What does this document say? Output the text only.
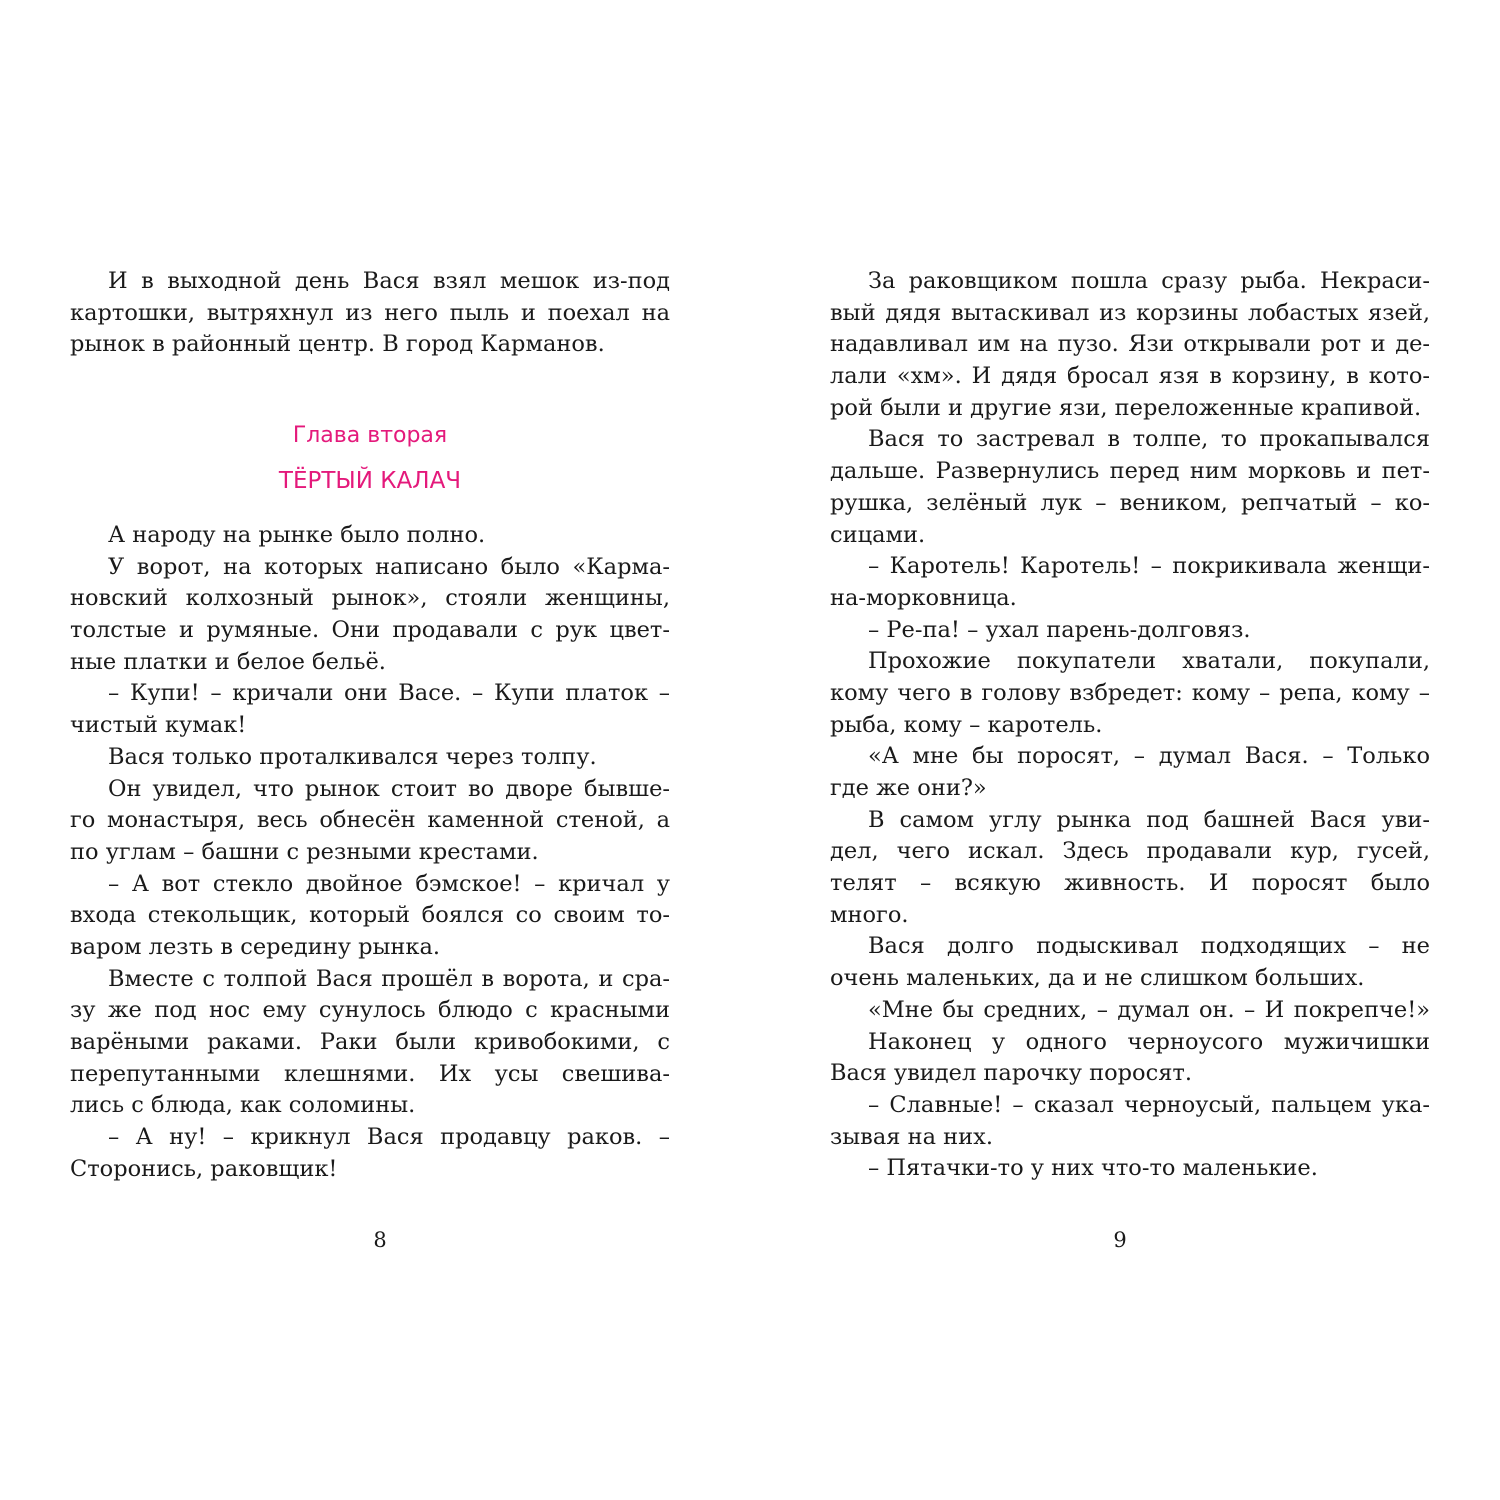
И в выходной день Вася взял мешок из-под
картошки, вытряхнул из него пыль и поехал на
рынок в районный центр. В город Карманов.
Глава вторая
ТЁРТЫЙ КАЛАЧ
А народу на рынке было полно.
У ворот, на которых написано было «Карма-
новский колхозный рынок», стояли женщины,
толстые и румяные. Они продавали с рук цвет-
ные платки и белое бельё.
– Купи! – кричали они Васе. – Купи платок –
чистый кумак!
Вася только проталкивался через толпу.
Он увидел, что рынок стоит во дворе бывше-
го монастыря, весь обнесён каменной стеной, а
по углам – башни с резными крестами.
– А вот стекло двойное бэмское! – кричал у
входа стекольщик, который боялся со своим то-
варом лезть в середину рынка.
Вместе с толпой Вася прошёл в ворота, и сра-
зу же под нос ему сунулось блюдо с красными
варёными раками. Раки были кривобокими, с
перепутанными клешнями. Их усы свешива-
лись с блюда, как соломины.
– А ну! – крикнул Вася продавцу раков. –
Сторонись, раковщик!
За раковщиком пошла сразу рыба. Некраси-
вый дядя вытаскивал из корзины лобастых язей,
надавливал им на пузо. Язи открывали рот и де-
лали «хм». И дядя бросал язя в корзину, в кото-
рой были и другие язи, переложенные крапивой.
Вася то застревал в толпе, то прокапывался
дальше. Развернулись перед ним морковь и пет-
рушка, зелёный лук – веником, репчатый – ко-
сицами.
– Каротель! Каротель! – покрикивала женщи-
на-морковница.
– Ре-па! – ухал парень-долговяз.
Прохожие покупатели хватали, покупали,
кому чего в голову взбредет: кому – репа, кому –
рыба, кому – каротель.
«А мне бы поросят, – думал Вася. – Только
где же они?»
В самом углу рынка под башней Вася уви-
дел, чего искал. Здесь продавали кур, гусей,
телят – всякую живность. И поросят было
много.
Вася долго подыскивал подходящих – не
очень маленьких, да и не слишком больших.
«Мне бы средних, – думал он. – И покрепче!»
Наконец у одного черноусого мужичишки
Вася увидел парочку поросят.
– Славные! – сказал черноусый, пальцем ука-
зывая на них.
– Пятачки-то у них что-то маленькие.
8	9
